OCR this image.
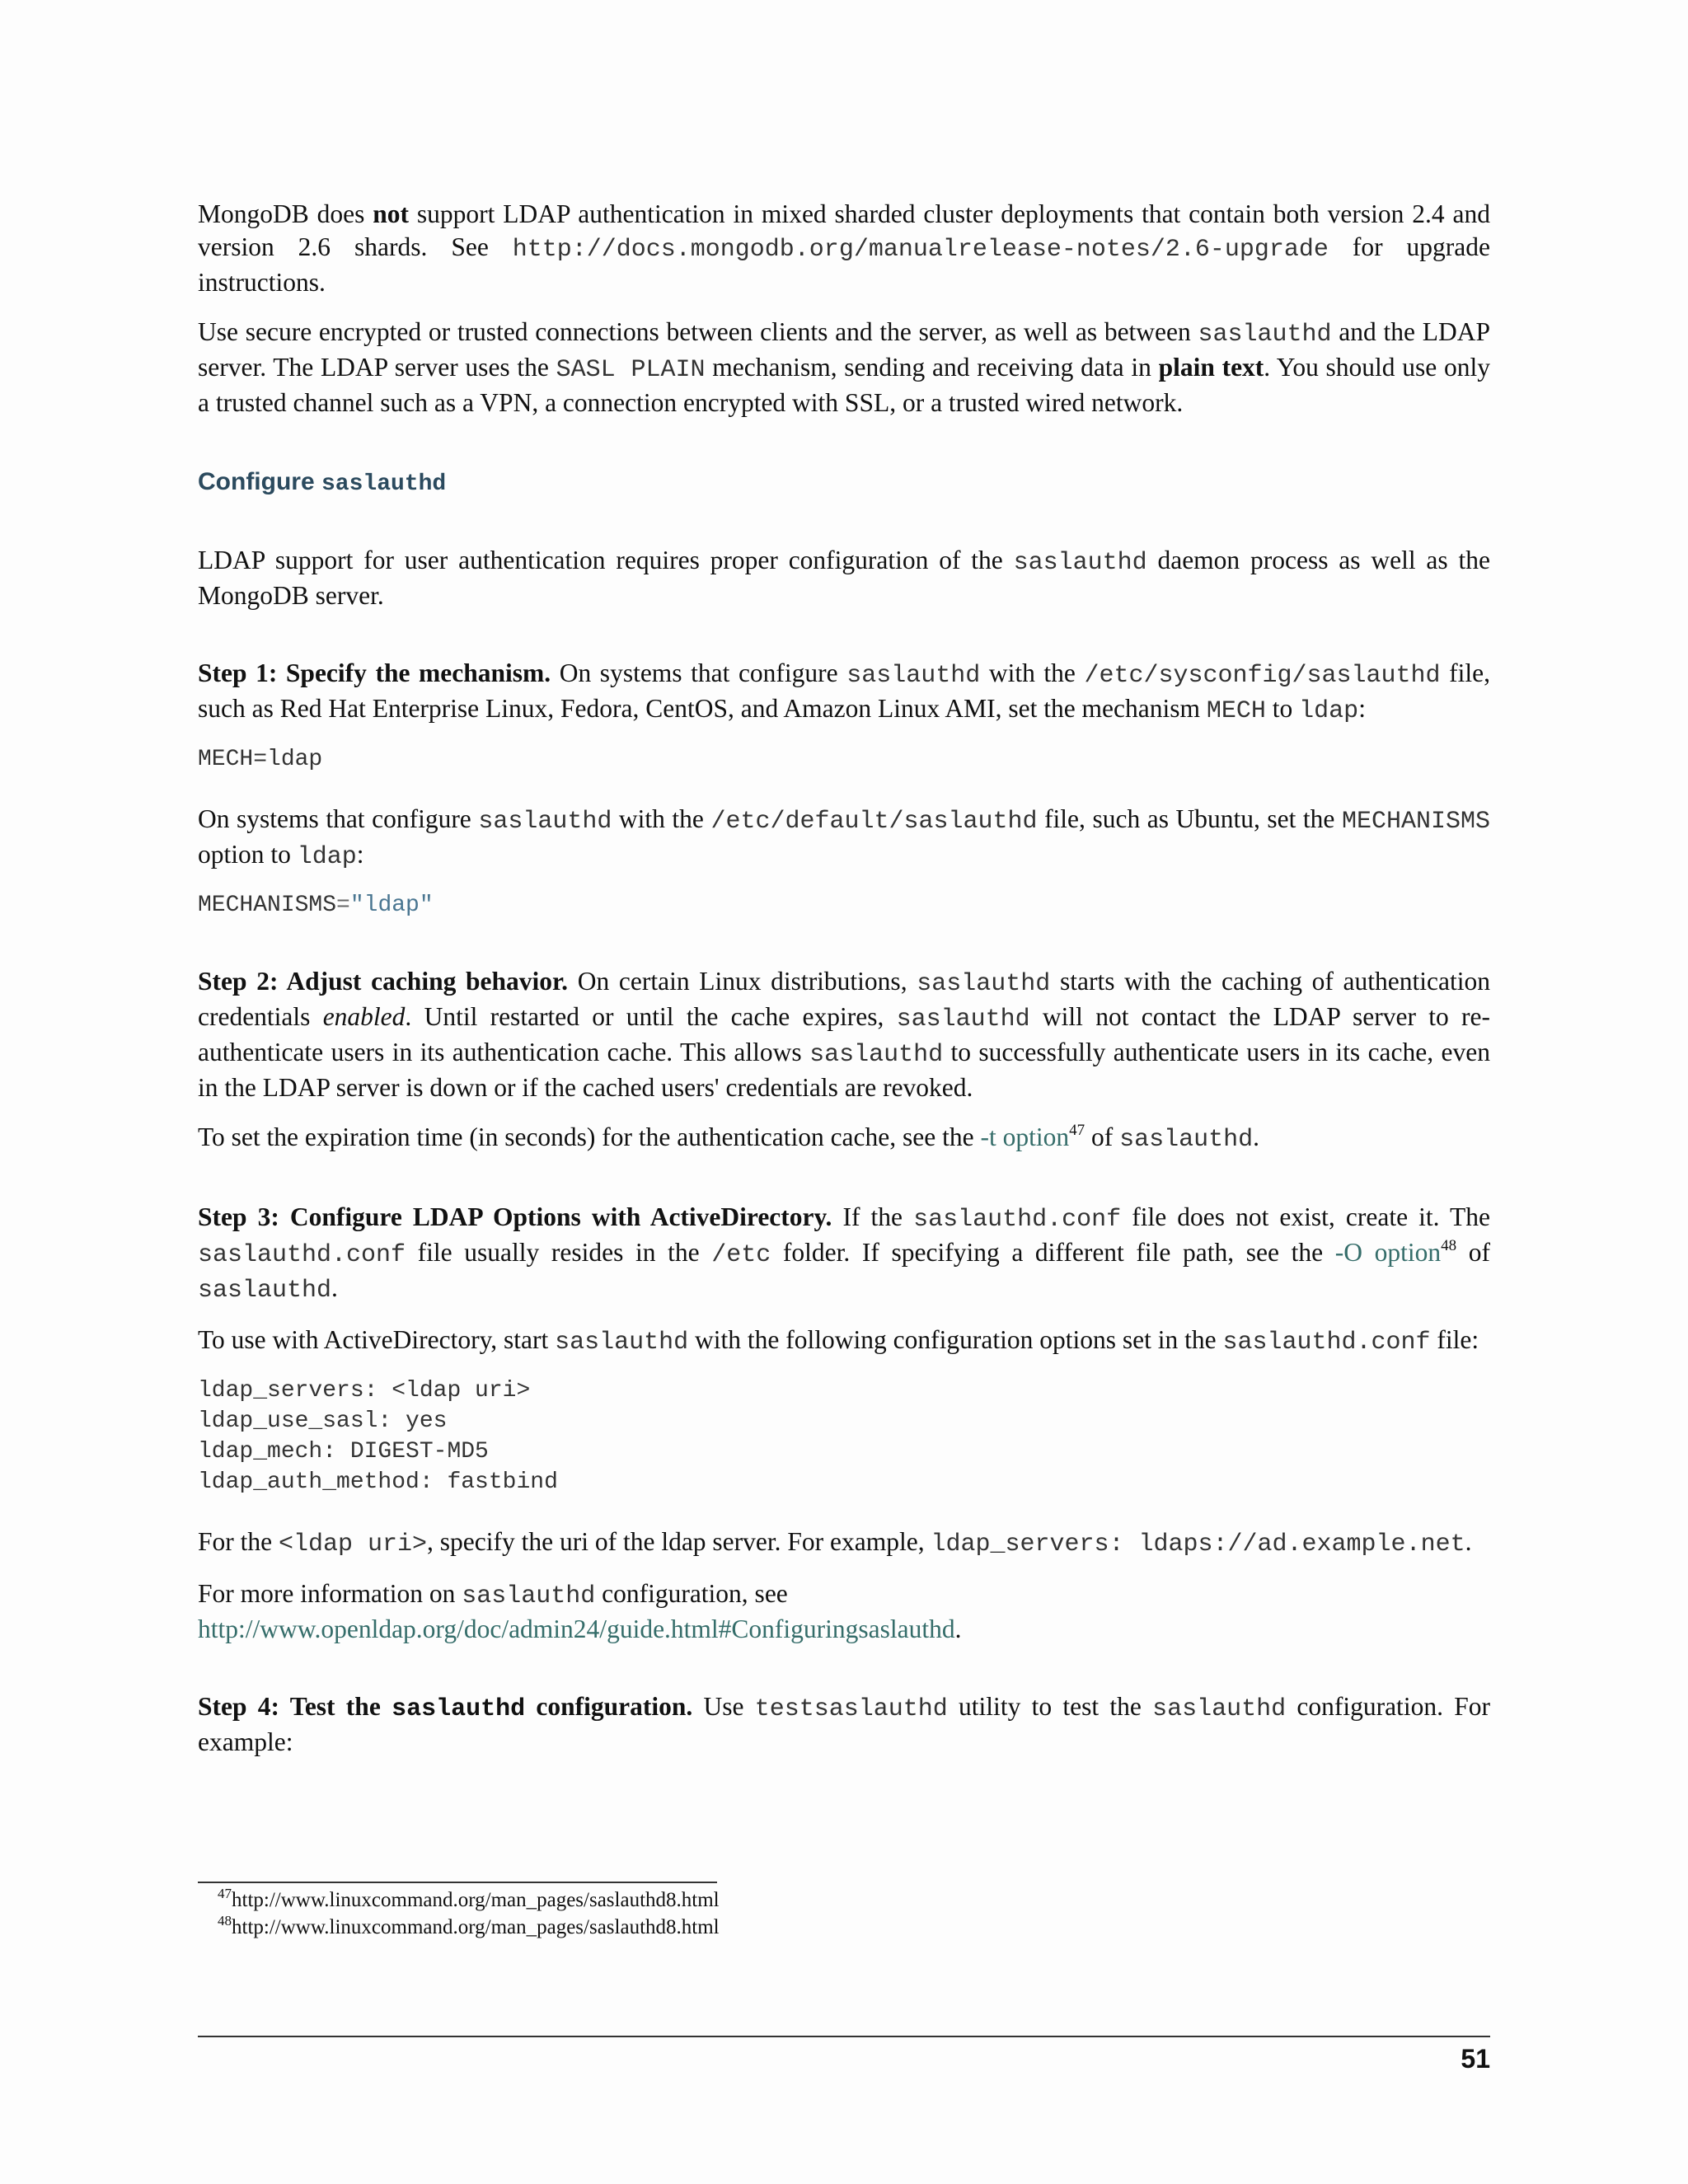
MongoDB does not support LDAP authentication in mixed sharded cluster deployments that contain both version 2.4 and version 2.6 shards. See http://docs.mongodb.org/manualrelease-notes/2.6-upgrade for upgrade instructions.

Use secure encrypted or trusted connections between clients and the server, as well as between saslauthd and the LDAP server. The LDAP server uses the SASL PLAIN mechanism, sending and receiving data in plain text. You should use only a trusted channel such as a VPN, a connection encrypted with SSL, or a trusted wired network.

Configure saslauthd

LDAP support for user authentication requires proper configuration of the saslauthd daemon process as well as the MongoDB server.

Step 1: Specify the mechanism. On systems that configure saslauthd with the /etc/sysconfig/saslauthd file, such as Red Hat Enterprise Linux, Fedora, CentOS, and Amazon Linux AMI, set the mechanism MECH to ldap:

MECH=ldap

On systems that configure saslauthd with the /etc/default/saslauthd file, such as Ubuntu, set the MECHANISMS option to ldap:

MECHANISMS="ldap"

Step 2: Adjust caching behavior. On certain Linux distributions, saslauthd starts with the caching of authentication credentials enabled. Until restarted or until the cache expires, saslauthd will not contact the LDAP server to re-authenticate users in its authentication cache. This allows saslauthd to successfully authenticate users in its cache, even in the LDAP server is down or if the cached users' credentials are revoked.

To set the expiration time (in seconds) for the authentication cache, see the -t option$^{47}$ of saslauthd.

Step 3: Configure LDAP Options with ActiveDirectory. If the saslauthd.conf file does not exist, create it. The saslauthd.conf file usually resides in the /etc folder. If specifying a different file path, see the -O option$^{48}$ of saslauthd.

To use with ActiveDirectory, start saslauthd with the following configuration options set in the saslauthd.conf file:

ldap_servers: <ldap uri>
ldap_use_sasl: yes
ldap_mech: DIGEST-MD5
ldap_auth_method: fastbind

For the <ldap uri>, specify the uri of the ldap server. For example, ldap_servers: ldaps://ad.example.net.

For more information on saslauthd configuration, see http://www.openldap.org/doc/admin24/guide.html#Configuringsaslauthd.

Step 4: Test the saslauthd configuration. Use testsaslauthd utility to test the saslauthd configuration. For example:

$^{47}$http://www.linuxcommand.org/man_pages/saslauthd8.html
$^{48}$http://www.linuxcommand.org/man_pages/saslauthd8.html
51
